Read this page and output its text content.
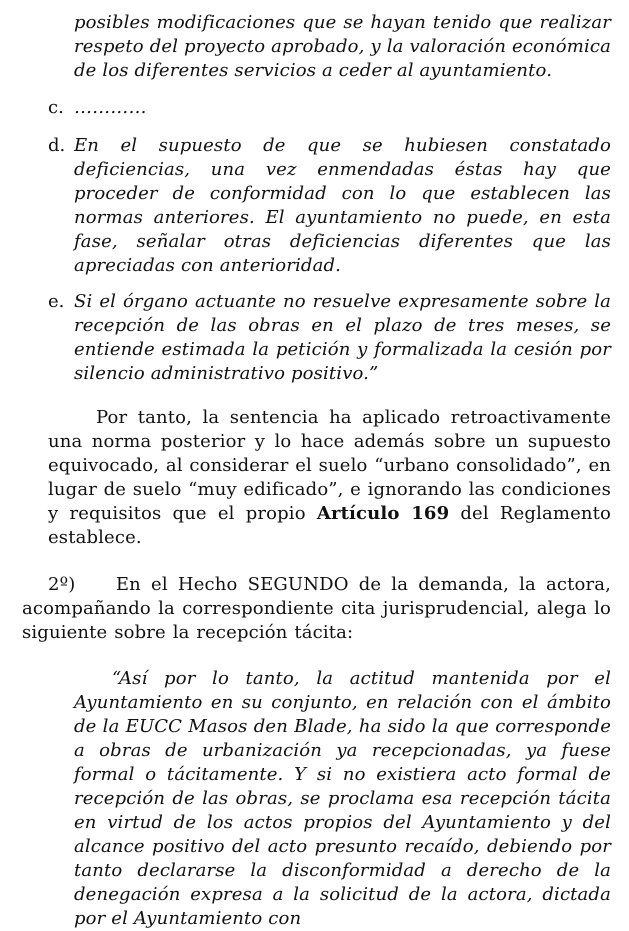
posibles modificaciones que se hayan tenido que realizar respeto del proyecto aprobado, y la valoración económica de los diferentes servicios a ceder al ayuntamiento.
c. …………
d. En el supuesto de que se hubiesen constatado deficiencias, una vez enmendadas éstas hay que proceder de conformidad con lo que establecen las normas anteriores. El ayuntamiento no puede, en esta fase, señalar otras deficiencias diferentes que las apreciadas con anterioridad.
e. Si el órgano actuante no resuelve expresamente sobre la recepción de las obras en el plazo de tres meses, se entiende estimada la petición y formalizada la cesión por silencio administrativo positivo.”
Por tanto, la sentencia ha aplicado retroactivamente una norma posterior y lo hace además sobre un supuesto equivocado, al considerar el suelo “urbano consolidado”, en lugar de suelo “muy edificado”, e ignorando las condiciones y requisitos que el propio Artículo 169 del Reglamento establece.
2º) En el Hecho SEGUNDO de la demanda, la actora, acompañando la correspondiente cita jurisprudencial, alega lo siguiente sobre la recepción tácita:
“Así por lo tanto, la actitud mantenida por el Ayuntamiento en su conjunto, en relación con el ámbito de la EUCC Masos den Blade, ha sido la que corresponde a obras de urbanización ya recepcionadas, ya fuese formal o tácitamente. Y si no existiera acto formal de recepción de las obras, se proclama esa recepción tácita en virtud de los actos propios del Ayuntamiento y del alcance positivo del acto presunto recaído, debiendo por tanto declararse la disconformidad a derecho de la denegación expresa a la solicitud de la actora, dictada por el Ayuntamiento con
